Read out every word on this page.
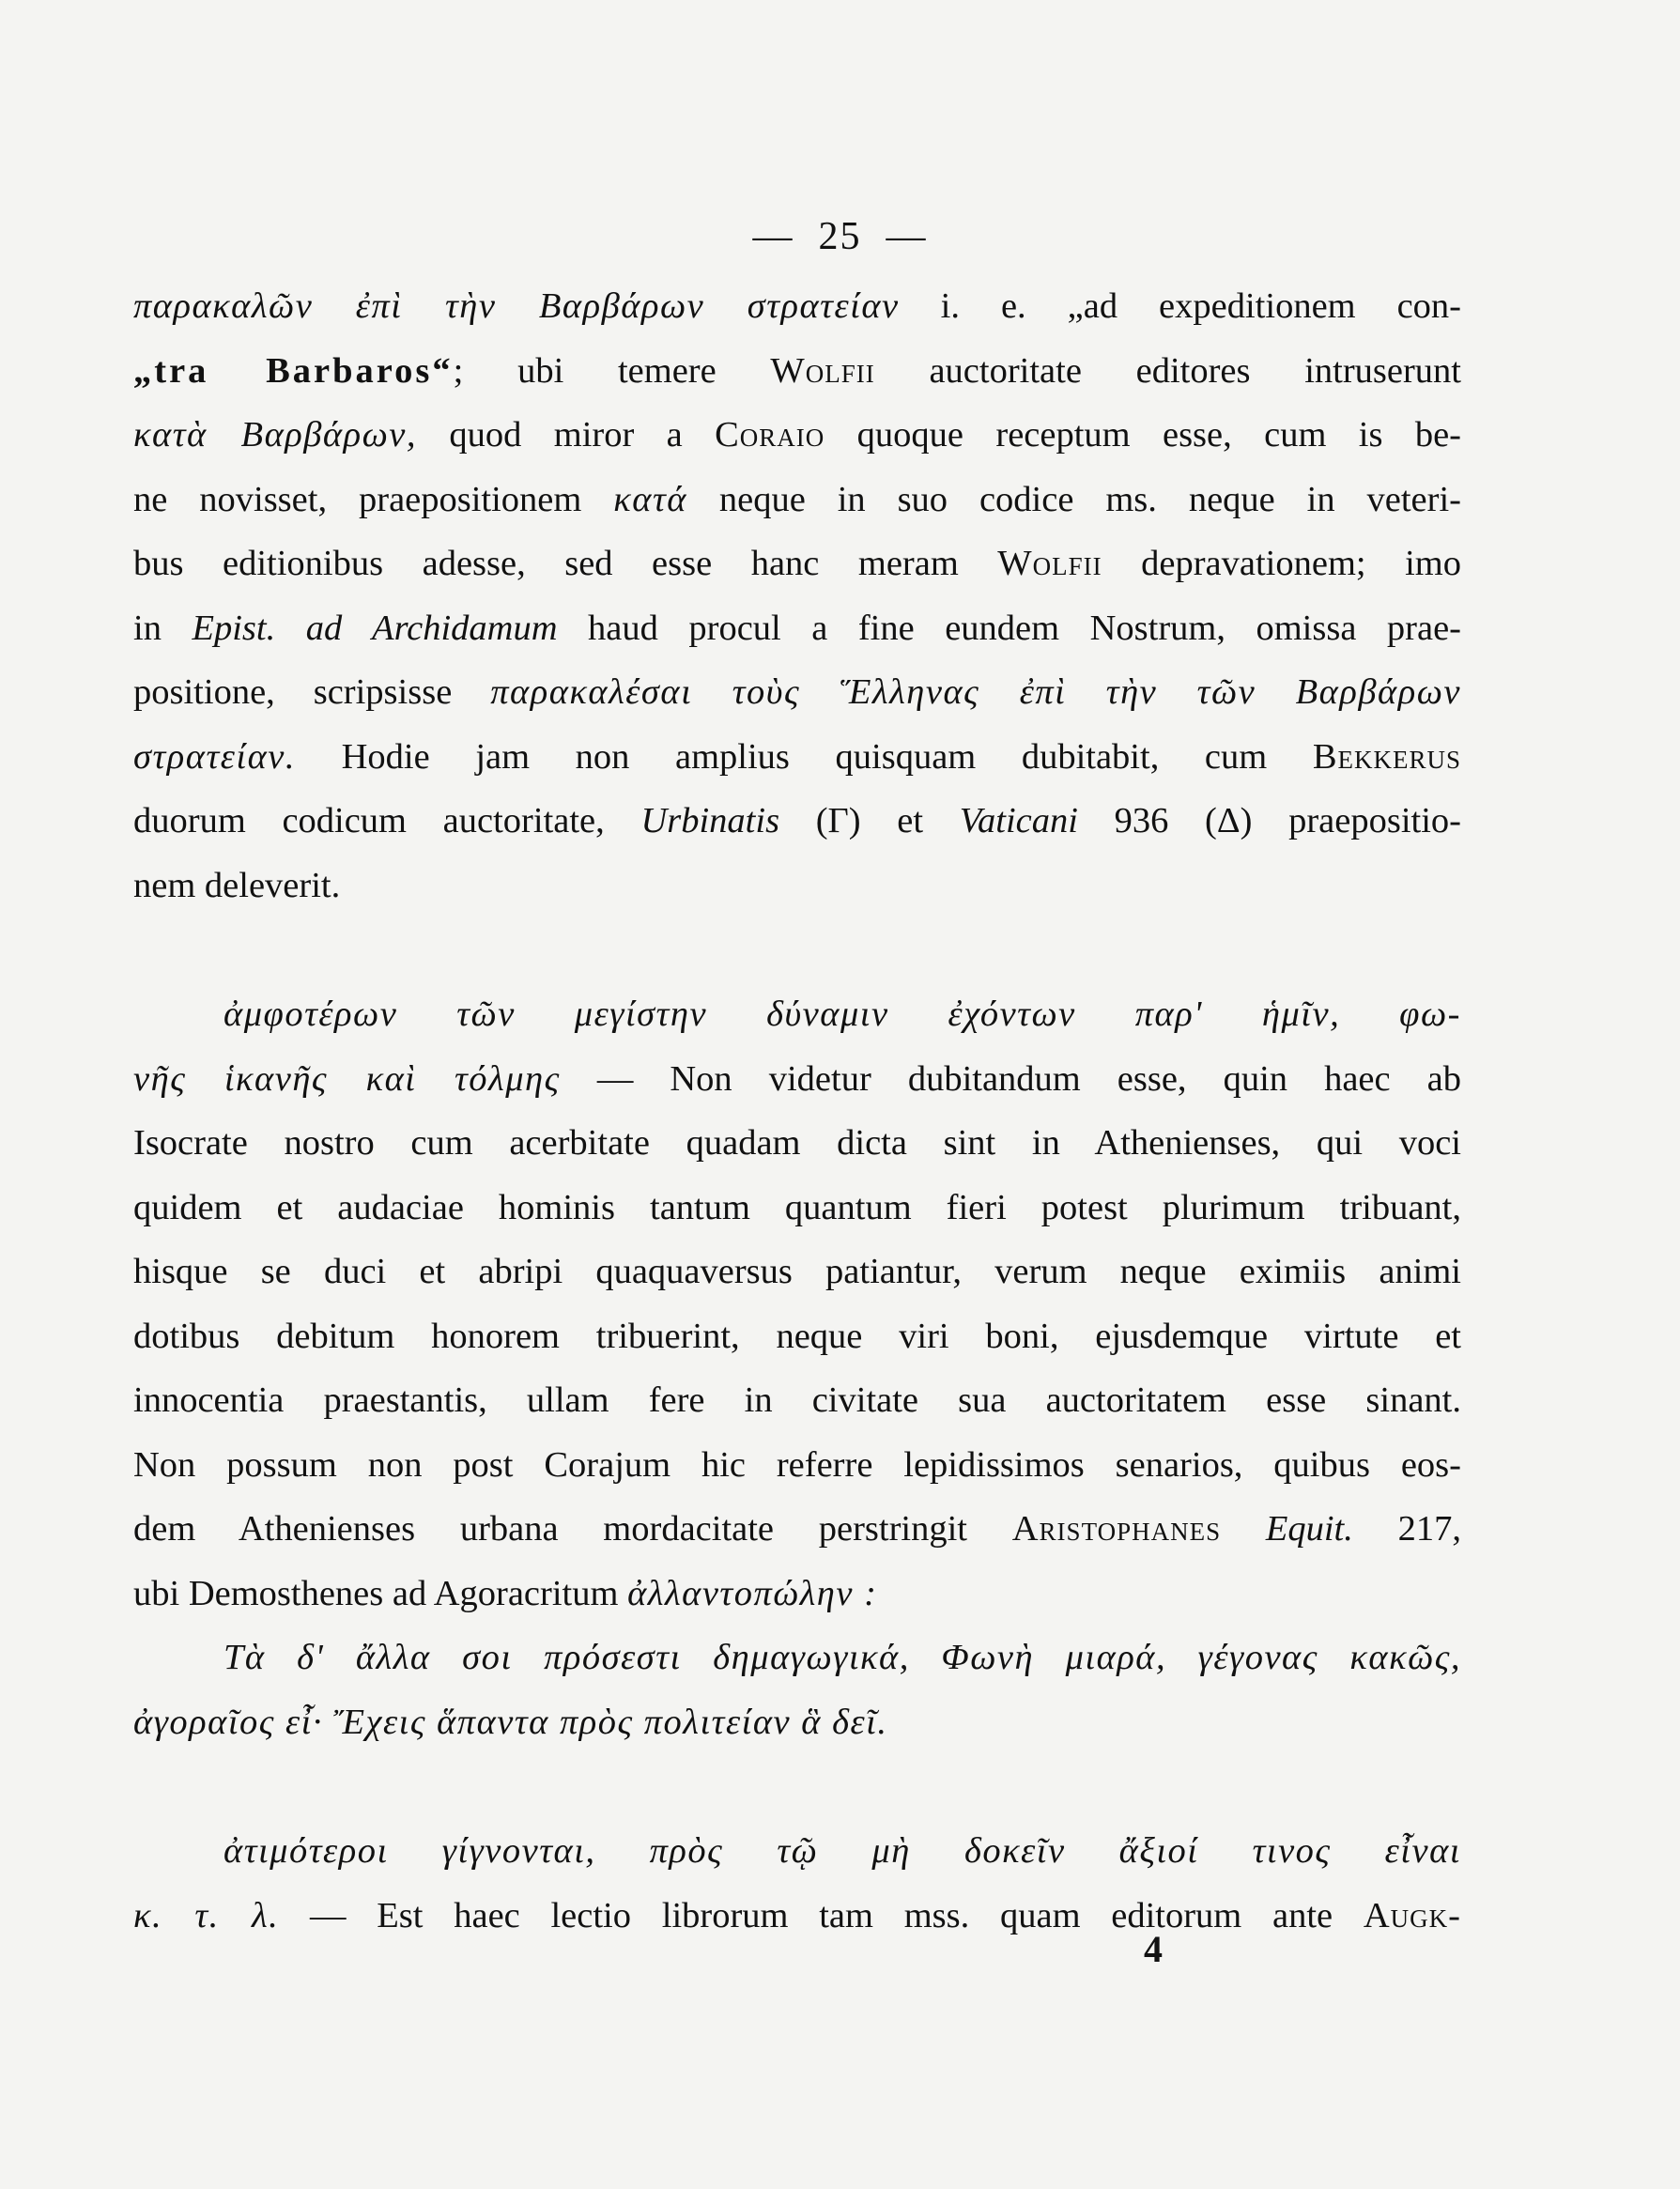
— 25 —

παρακαλῶν ἐπὶ τὴν Βαρβάρων στρατείαν i. e. „ad expeditionem con-

„tra Barbaros“; ubi temere Wolfii auctoritate editores intruserunt

κατὰ Βαρβάρων, quod miror a Coraio quoque receptum esse, cum is be-

ne novisset, praepositionem κατά neque in suo codice ms. neque in veteri-

bus editionibus adesse, sed esse hanc meram Wolfii depravationem; imo

in Epist. ad Archidamum haud procul a fine eundem Nostrum, omissa prae-

positione, scripsisse παρακαλέσαι τοὺς Ἕλληνας ἐπὶ τὴν τῶν Βαρβάρων

στρατείαν. Hodie jam non amplius quisquam dubitabit, cum Bekkerus

duorum codicum auctoritate, Urbinatis (Γ) et Vaticani 936 (Δ) praepositio-

nem deleverit.

ἀμφοτέρων τῶν μεγίστην δύναμιν ἐχόντων παρ' ἡμῖν, φω-

νῆς ἱκανῆς καὶ τόλμης — Non videtur dubitandum esse, quin haec ab

Isocrate nostro cum acerbitate quadam dicta sint in Athenienses, qui voci

quidem et audaciae hominis tantum quantum fieri potest plurimum tribuant,

hisque se duci et abripi quaquaversus patiantur, verum neque eximiis animi

dotibus debitum honorem tribuerint, neque viri boni, ejusdemque virtute et

innocentia praestantis, ullam fere in civitate sua auctoritatem esse sinant.

Non possum non post Corajum hic referre lepidissimos senarios, quibus eos-

dem Athenienses urbana mordacitate perstringit Aristophanes Equit. 217,

ubi Demosthenes ad Agoracritum ἀλλαντοπώλην :

Τὰ δ' ἄλλα σοι πρόσεστι δημαγωγικά, Φωνὴ μιαρά, γέγονας κακῶς,

ἀγοραῖος εἶ· Ἔχεις ἅπαντα πρὸς πολιτείαν ἃ δεῖ.

ἀτιμότεροι γίγνονται, πρὸς τῷ μὴ δοκεῖν ἄξιοί τινος εἶναι

κ. τ. λ. — Est haec lectio librorum tam mss. quam editorum ante Augk-

4
